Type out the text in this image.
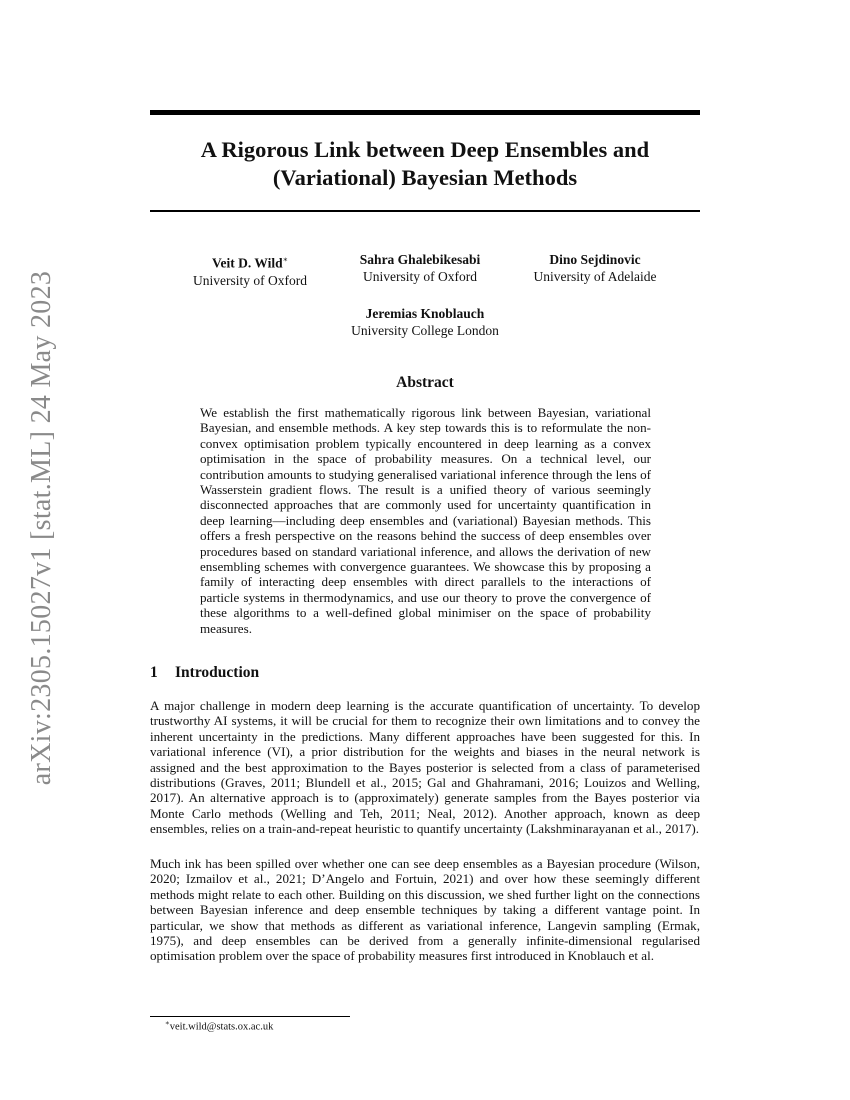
arXiv:2305.15027v1 [stat.ML] 24 May 2023
A Rigorous Link between Deep Ensembles and (Variational) Bayesian Methods
Veit D. Wild∗
University of Oxford
Sahra Ghalebikesabi
University of Oxford
Dino Sejdinovic
University of Adelaide
Jeremias Knoblauch
University College London
Abstract
We establish the first mathematically rigorous link between Bayesian, variational Bayesian, and ensemble methods. A key step towards this is to reformulate the non-convex optimisation problem typically encountered in deep learning as a convex optimisation in the space of probability measures. On a technical level, our contribution amounts to studying generalised variational inference through the lens of Wasserstein gradient flows. The result is a unified theory of various seemingly disconnected approaches that are commonly used for uncertainty quantification in deep learning—including deep ensembles and (variational) Bayesian methods. This offers a fresh perspective on the reasons behind the success of deep ensembles over procedures based on standard variational inference, and allows the derivation of new ensembling schemes with convergence guarantees. We showcase this by proposing a family of interacting deep ensembles with direct parallels to the interactions of particle systems in thermodynamics, and use our theory to prove the convergence of these algorithms to a well-defined global minimiser on the space of probability measures.
1 Introduction

A major challenge in modern deep learning is the accurate quantification of uncertainty. To develop trustworthy AI systems, it will be crucial for them to recognize their own limitations and to convey the inherent uncertainty in the predictions. Many different approaches have been suggested for this. In variational inference (VI), a prior distribution for the weights and biases in the neural network is assigned and the best approximation to the Bayes posterior is selected from a class of parameterised distributions (Graves, 2011; Blundell et al., 2015; Gal and Ghahramani, 2016; Louizos and Welling, 2017). An alternative approach is to (approximately) generate samples from the Bayes posterior via Monte Carlo methods (Welling and Teh, 2011; Neal, 2012). Another approach, known as deep ensembles, relies on a train-and-repeat heuristic to quantify uncertainty (Lakshminarayanan et al., 2017).

Much ink has been spilled over whether one can see deep ensembles as a Bayesian procedure (Wilson, 2020; Izmailov et al., 2021; D’Angelo and Fortuin, 2021) and over how these seemingly different methods might relate to each other. Building on this discussion, we shed further light on the connections between Bayesian inference and deep ensemble techniques by taking a different vantage point. In particular, we show that methods as different as variational inference, Langevin sampling (Ermak, 1975), and deep ensembles can be derived from a generally infinite-dimensional regularised optimisation problem over the space of probability measures first introduced in Knoblauch et al.

∗veit.wild@stats.ox.ac.uk
